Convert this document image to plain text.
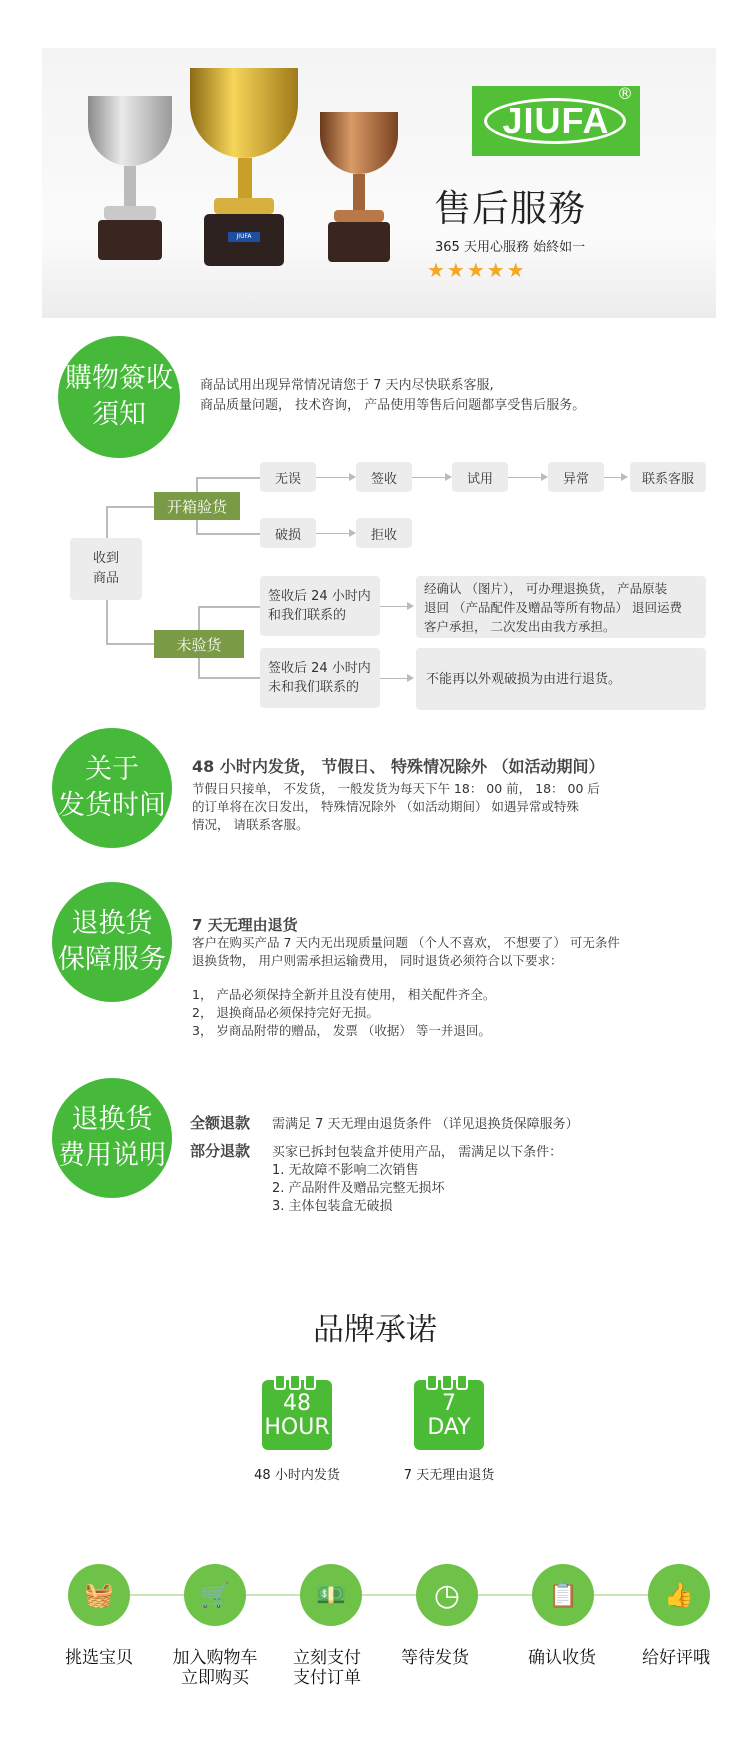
JIUFA
JIUFA
®
售后服務
365 天用心服務 始終如一
★★★★★
購物簽收
須知
商品试用出现异常情况请您于 7 天内尽快联系客服,
商品质量问题， 技术咨询， 产品使用等售后问题都享受售后服务。
收到
商品
开箱验货
未验货
无误	签收	试用	异常	联系客服
破损	拒收
签收后 24 小时内
和我们联系的
经确认 （图片）， 可办理退换货， 产品原装
退回 （产品配件及赠品等所有物品） 退回运费
客户承担， 二次发出由我方承担。
签收后 24 小时内
未和我们联系的
不能再以外观破损为由进行退货。
关于
发货时间
48 小时内发货， 节假日、 特殊情况除外 （如活动期间）
节假日只接单， 不发货， 一般发货为每天下午 18： 00 前， 18： 00 后
的订单将在次日发出， 特殊情况除外 （如活动期间） 如遇异常或特殊
情况， 请联系客服。
退换货
保障服务
7 天无理由退货
客户在购买产品 7 天内无出现质量问题 （个人不喜欢， 不想要了） 可无条件
退换货物， 用户则需承担运输费用， 同时退货必须符合以下要求：
1， 产品必须保持全新并且没有使用， 相关配件齐全。
2， 退换商品必须保持完好无损。
3， 岁商品附带的赠品， 发票 （收据） 等一并退回。
退换货
费用说明
全额退款	需满足 7 天无理由退货条件 （详见退换货保障服务）
部分退款	买家已拆封包装盒并使用产品， 需满足以下条件：
1. 无故障不影响二次销售
2. 产品附件及赠品完整无损坏
3. 主体包装盒无破损
品牌承诺
48
HOUR
48 小时内发货
7
DAY
7 天无理由退货
🧺	🛒	💵	◷	📋	👍
挑选宝贝	加入购物车
立即购买
立刻支付
支付订单
等待发货	确认收货	给好评哦
